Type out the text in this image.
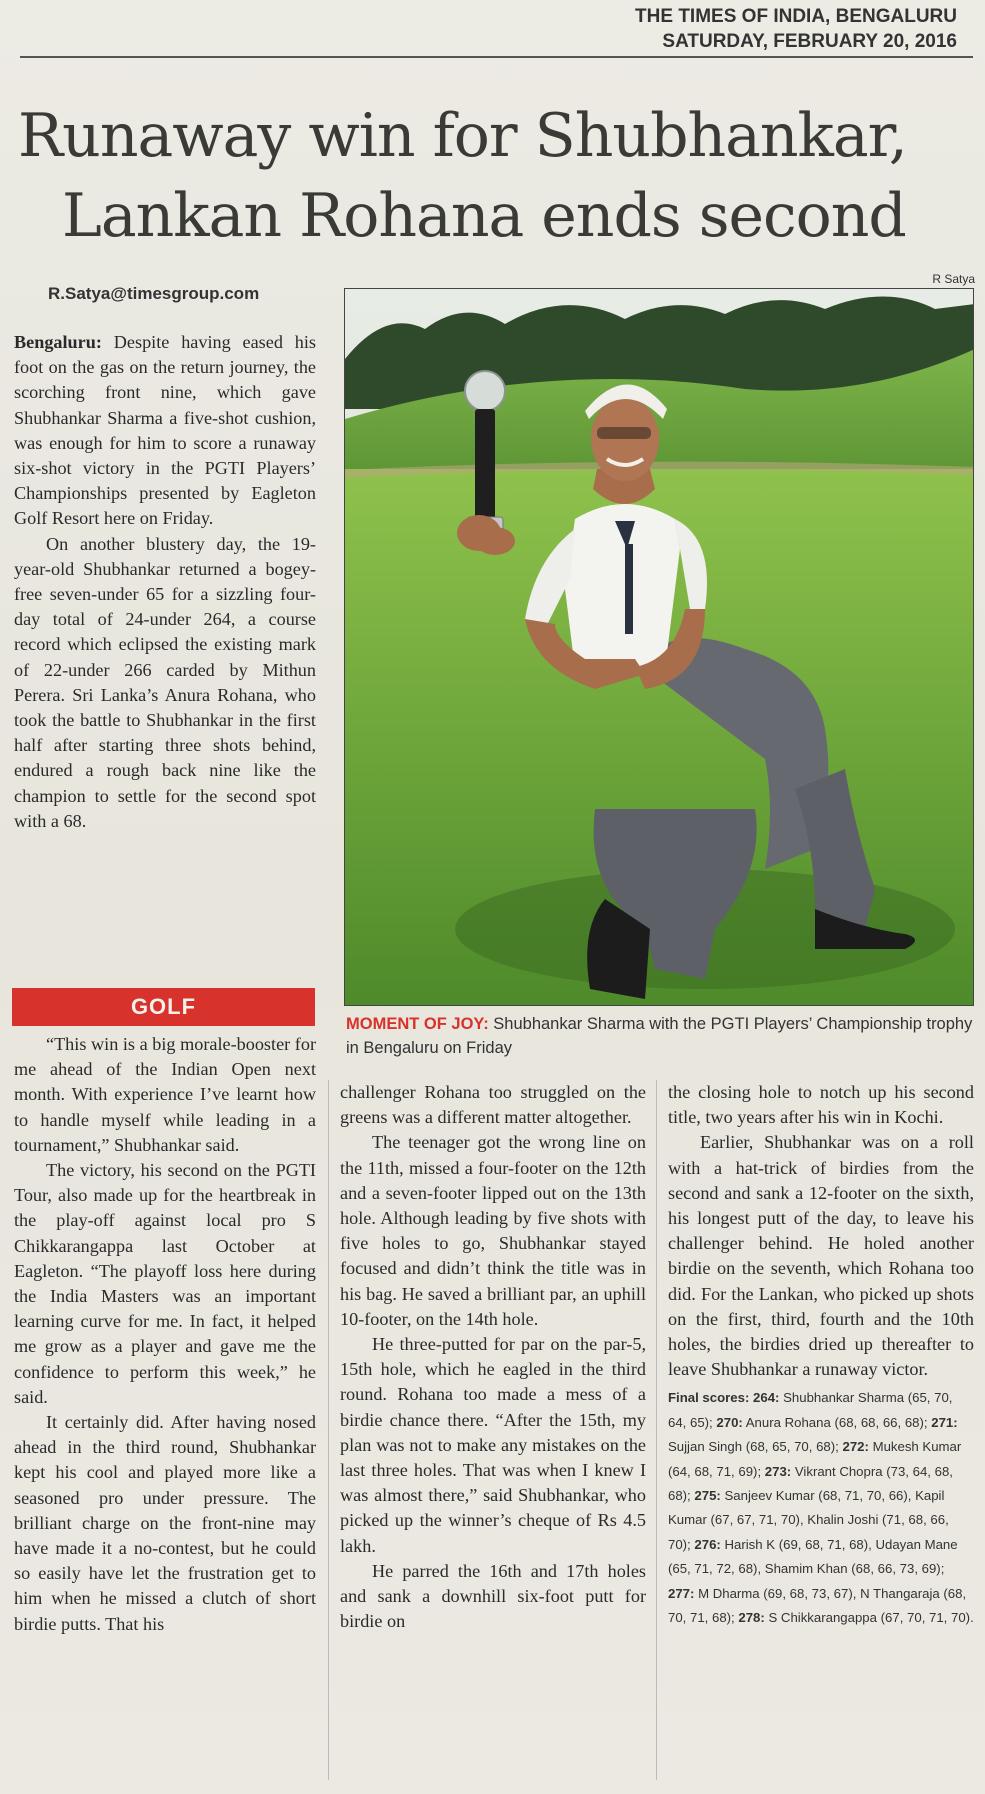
THE TIMES OF INDIA, BENGALURU
SATURDAY, FEBRUARY 20, 2016
Runaway win for Shubhankar,
Lankan Rohana ends second
R.Satya@timesgroup.com

Bengaluru: Despite having eased his foot on the gas on the return journey, the scorching front nine, which gave Shubhankar Sharma a five-shot cushion, was enough for him to score a runaway six-shot victory in the PGTI Players’ Championships presented by Eagleton Golf Resort here on Friday.

On another blustery day, the 19-year-old Shubhankar returned a bogey-free seven-under 65 for a sizzling four-day total of 24-under 264, a course record which eclipsed the existing mark of 22-under 266 carded by Mithun Perera. Sri Lanka’s Anura Rohana, who took the battle to Shubhankar in the first half after starting three shots behind, endured a rough back nine like the champion to settle for the second spot with a 68.

GOLF

“This win is a big morale-booster for me ahead of the Indian Open next month. With experience I’ve learnt how to handle myself while leading in a tournament,” Shubhankar said.

The victory, his second on the PGTI Tour, also made up for the heartbreak in the play-off against local pro S Chikkarangappa last October at Eagleton. “The playoff loss here during the India Masters was an important learning curve for me. In fact, it helped me grow as a player and gave me the confidence to perform this week,” he said.

It certainly did. After having nosed ahead in the third round, Shubhankar kept his cool and played more like a seasoned pro under pressure. The brilliant charge on the front-nine may have made it a no-contest, but he could so easily have let the frustration get to him when he missed a clutch of short birdie putts. That his

R Satya
MOMENT OF JOY: Shubhankar Sharma with the PGTI Players’ Championship trophy in Bengaluru on Friday

challenger Rohana too struggled on the greens was a different matter altogether.

The teenager got the wrong line on the 11th, missed a four-footer on the 12th and a seven-footer lipped out on the 13th hole. Although leading by five shots with five holes to go, Shubhankar stayed focused and didn’t think the title was in his bag. He saved a brilliant par, an uphill 10-footer, on the 14th hole.

He three-putted for par on the par-5, 15th hole, which he eagled in the third round. Rohana too made a mess of a birdie chance there. “After the 15th, my plan was not to make any mistakes on the last three holes. That was when I knew I was almost there,” said Shubhankar, who picked up the winner’s cheque of Rs 4.5 lakh.

He parred the 16th and 17th holes and sank a downhill six-foot putt for birdie on

the closing hole to notch up his second title, two years after his win in Kochi.

Earlier, Shubhankar was on a roll with a hat-trick of birdies from the second and sank a 12-footer on the sixth, his longest putt of the day, to leave his challenger behind. He holed another birdie on the seventh, which Rohana too did. For the Lankan, who picked up shots on the first, third, fourth and the 10th holes, the birdies dried up thereafter to leave Shubhankar a runaway victor.

Final scores: 264: Shubhankar Sharma (65, 70, 64, 65); 270: Anura Rohana (68, 68, 66, 68); 271: Sujjan Singh (68, 65, 70, 68); 272: Mukesh Kumar (64, 68, 71, 69); 273: Vikrant Chopra (73, 64, 68, 68); 275: Sanjeev Kumar (68, 71, 70, 66), Kapil Kumar (67, 67, 71, 70), Khalin Joshi (71, 68, 66, 70); 276: Harish K (69, 68, 71, 68), Udayan Mane (65, 71, 72, 68), Shamim Khan (68, 66, 73, 69); 277: M Dharma (69, 68, 73, 67), N Thangaraja (68, 70, 71, 68); 278: S Chikkarangappa (67, 70, 71, 70).
